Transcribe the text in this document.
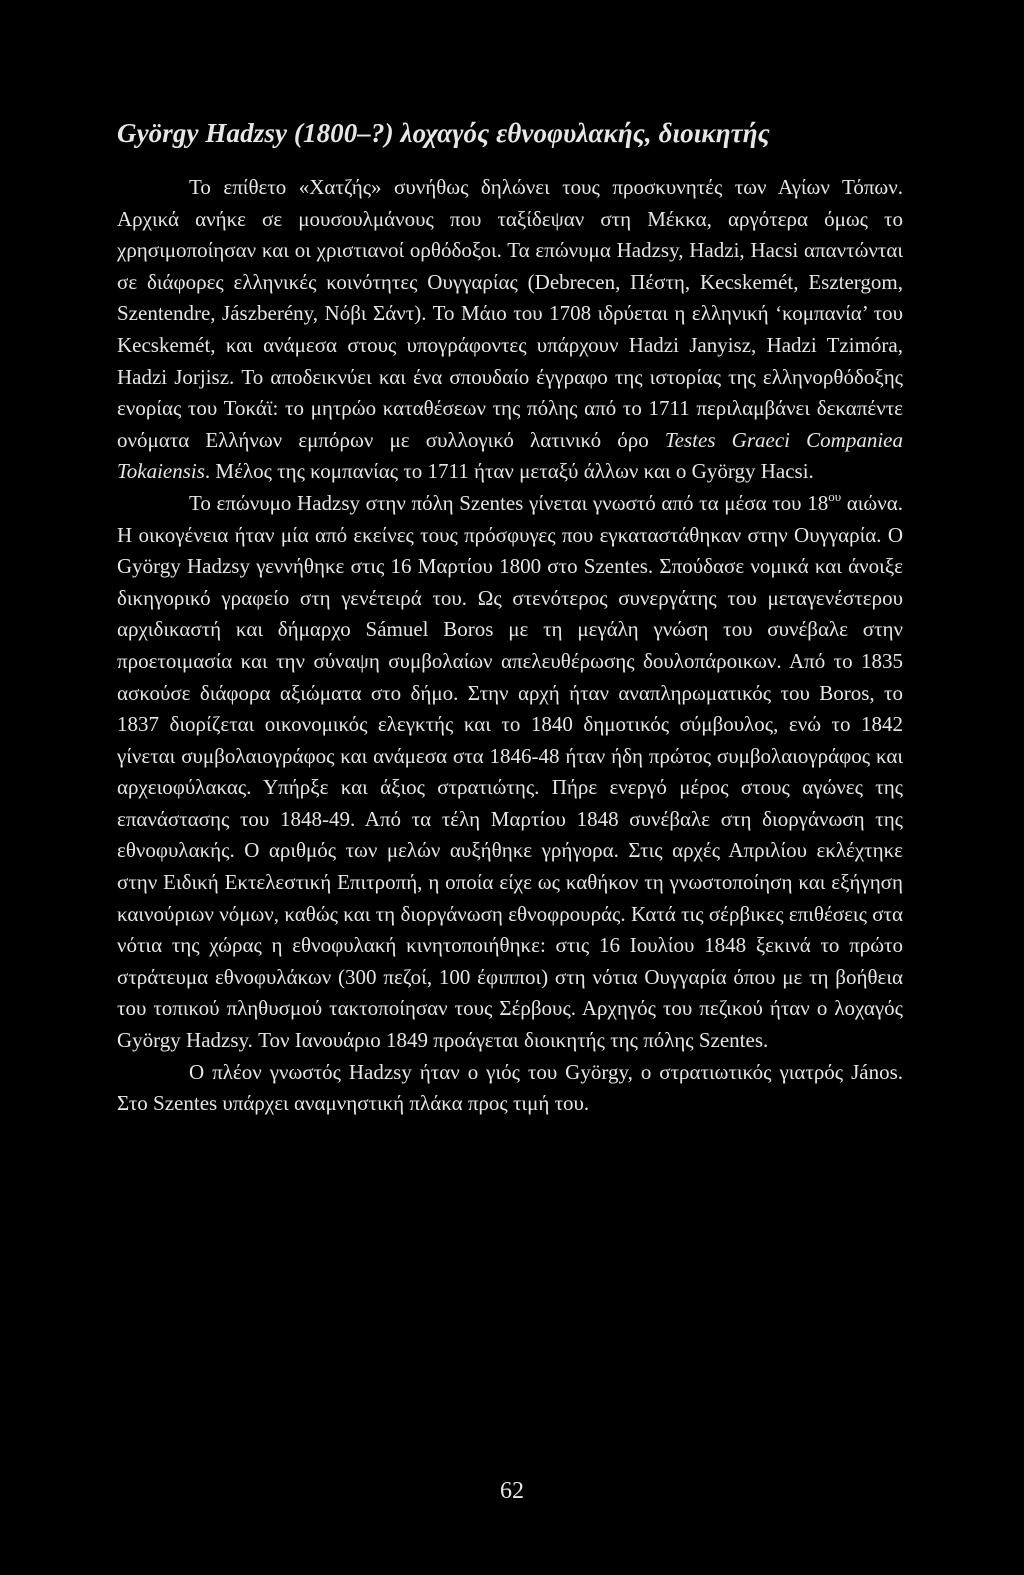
György Hadzsy (1800–?) λοχαγός εθνοφυλακής, διοικητής

Το επίθετο «Χατζής» συνήθως δηλώνει τους προσκυνητές των Αγίων Τόπων. Αρχικά ανήκε σε μουσουλμάνους που ταξίδεψαν στη Μέκκα, αργότερα όμως το χρησιμοποίησαν και οι χριστιανοί ορθόδοξοι. Τα επώνυμα Hadzsy, Hadzi, Hacsi απαντώνται σε διάφορες ελληνικές κοινότητες Ουγγαρίας (Debrecen, Πέστη, Kecskemét, Esztergom, Szentendre, Jászberény, Νόβι Σάντ). Το Μάιο του 1708 ιδρύεται η ελληνική ‘κομπανία’ του Kecskemét, και ανάμεσα στους υπογράφοντες υπάρχουν Hadzi Janyisz, Hadzi Tzimóra, Hadzi Jorjisz. Το αποδεικνύει και ένα σπουδαίο έγγραφο της ιστορίας της ελληνορθόδοξης ενορίας του Τοκάϊ: το μητρώο καταθέσεων της πόλης από το 1711 περιλαμβάνει δεκαπέντε ονόματα Ελλήνων εμπόρων με συλλογικό λατινικό όρο Testes Graeci Companiea Tokaiensis. Μέλος της κομπανίας το 1711 ήταν μεταξύ άλλων και ο György Hacsi.

Το επώνυμο Hadzsy στην πόλη Szentes γίνεται γνωστό από τα μέσα του $18^{o\upsilon}$ αιώνα. Η οικογένεια ήταν μία από εκείνες τους πρόσφυγες που εγκαταστάθηκαν στην Ουγγαρία. Ο György Hadzsy γεννήθηκε στις 16 Μαρτίου 1800 στο Szentes. Σπούδασε νομικά και άνοιξε δικηγορικό γραφείο στη γενέτειρά του. Ως στενότερος συνεργάτης του μεταγενέστερου αρχιδικαστή και δήμαρχο Sámuel Boros με τη μεγάλη γνώση του συνέβαλε στην προετοιμασία και την σύναψη συμβολαίων απελευθέρωσης δουλοπάροικων. Από το 1835 ασκούσε διάφορα αξιώματα στο δήμο. Στην αρχή ήταν αναπληρωματικός του Boros, το 1837 διορίζεται οικονομικός ελεγκτής και το 1840 δημοτικός σύμβουλος, ενώ το 1842 γίνεται συμβολαιογράφος και ανάμεσα στα 1846-48 ήταν ήδη πρώτος συμβολαιογράφος και αρχειοφύλακας. Υπήρξε και άξιος στρατιώτης. Πήρε ενεργό μέρος στους αγώνες της επανάστασης του 1848-49. Από τα τέλη Μαρτίου 1848 συνέβαλε στη διοργάνωση της εθνοφυλακής. Ο αριθμός των μελών αυξήθηκε γρήγορα. Στις αρχές Απριλίου εκλέχτηκε στην Ειδική Εκτελεστική Επιτροπή, η οποία είχε ως καθήκον τη γνωστοποίηση και εξήγηση καινούριων νόμων, καθώς και τη διοργάνωση εθνοφρουράς. Κατά τις σέρβικες επιθέσεις στα νότια της χώρας η εθνοφυλακή κινητοποιήθηκε: στις 16 Ιουλίου 1848 ξεκινά το πρώτο στράτευμα εθνοφυλάκων (300 πεζοί, 100 έφιπποι) στη νότια Ουγγαρία όπου με τη βοήθεια του τοπικού πληθυσμού τακτοποίησαν τους Σέρβους. Αρχηγός του πεζικού ήταν ο λοχαγός György Hadzsy. Τον Ιανουάριο 1849 προάγεται διοικητής της πόλης Szentes.

Ο πλέον γνωστός Hadzsy ήταν ο γιός του György, ο στρατιωτικός γιατρός János. Στο Szentes υπάρχει αναμνηστική πλάκα προς τιμή του.

62
